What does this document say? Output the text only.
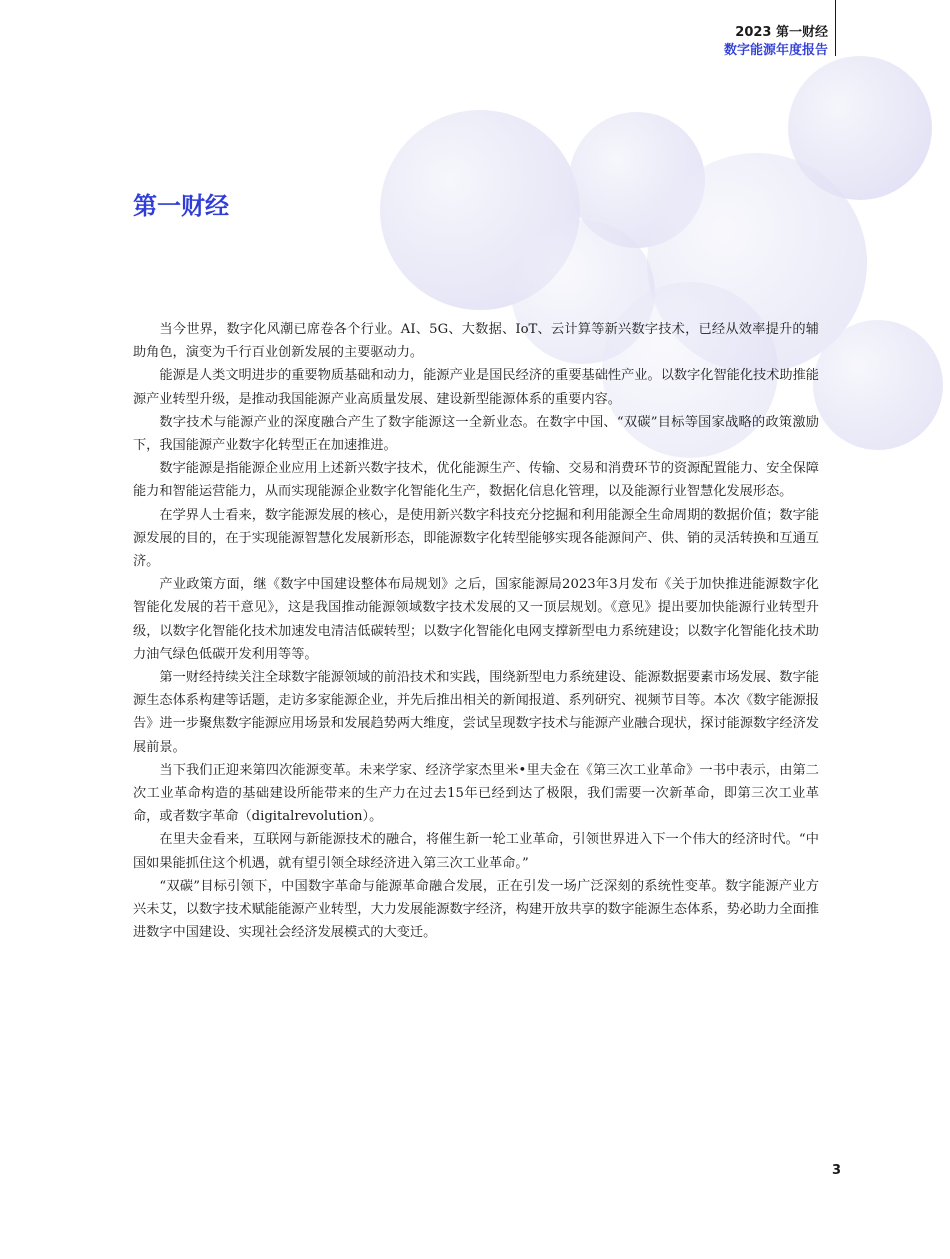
2023 第一财经
数字能源年度报告
第一财经

当今世界，数字化风潮已席卷各个行业。AI、5G、大数据、IoT、云计算等新兴数字技术，已经从效率提升的辅助角色，演变为千行百业创新发展的主要驱动力。

能源是人类文明进步的重要物质基础和动力，能源产业是国民经济的重要基础性产业。以数字化智能化技术助推能源产业转型升级，是推动我国能源产业高质量发展、建设新型能源体系的重要内容。

数字技术与能源产业的深度融合产生了数字能源这一全新业态。在数字中国、“双碳”目标等国家战略的政策激励下，我国能源产业数字化转型正在加速推进。

数字能源是指能源企业应用上述新兴数字技术，优化能源生产、传输、交易和消费环节的资源配置能力、安全保障能力和智能运营能力，从而实现能源企业数字化智能化生产，数据化信息化管理，以及能源行业智慧化发展形态。

在学界人士看来，数字能源发展的核心，是使用新兴数字科技充分挖掘和利用能源全生命周期的数据价值；数字能源发展的目的，在于实现能源智慧化发展新形态，即能源数字化转型能够实现各能源间产、供、销的灵活转换和互通互济。

产业政策方面，继《数字中国建设整体布局规划》之后，国家能源局2023年3月发布《关于加快推进能源数字化智能化发展的若干意见》，这是我国推动能源领域数字技术发展的又一顶层规划。《意见》提出要加快能源行业转型升级，以数字化智能化技术加速发电清洁低碳转型；以数字化智能化电网支撑新型电力系统建设；以数字化智能化技术助力油气绿色低碳开发利用等等。

第一财经持续关注全球数字能源领域的前沿技术和实践，围绕新型电力系统建设、能源数据要素市场发展、数字能源生态体系构建等话题，走访多家能源企业，并先后推出相关的新闻报道、系列研究、视频节目等。本次《数字能源报告》进一步聚焦数字能源应用场景和发展趋势两大维度，尝试呈现数字技术与能源产业融合现状，探讨能源数字经济发展前景。

当下我们正迎来第四次能源变革。未来学家、经济学家杰里米•里夫金在《第三次工业革命》一书中表示，由第二次工业革命构造的基础建设所能带来的生产力在过去15年已经到达了极限，我们需要一次新革命，即第三次工业革命，或者数字革命（digitalrevolution）。

在里夫金看来，互联网与新能源技术的融合，将催生新一轮工业革命，引领世界进入下一个伟大的经济时代。“中国如果能抓住这个机遇，就有望引领全球经济进入第三次工业革命。”

“双碳”目标引领下，中国数字革命与能源革命融合发展，正在引发一场广泛深刻的系统性变革。数字能源产业方兴未艾，以数字技术赋能能源产业转型，大力发展能源数字经济，构建开放共享的数字能源生态体系，势必助力全面推进数字中国建设、实现社会经济发展模式的大变迁。

3
